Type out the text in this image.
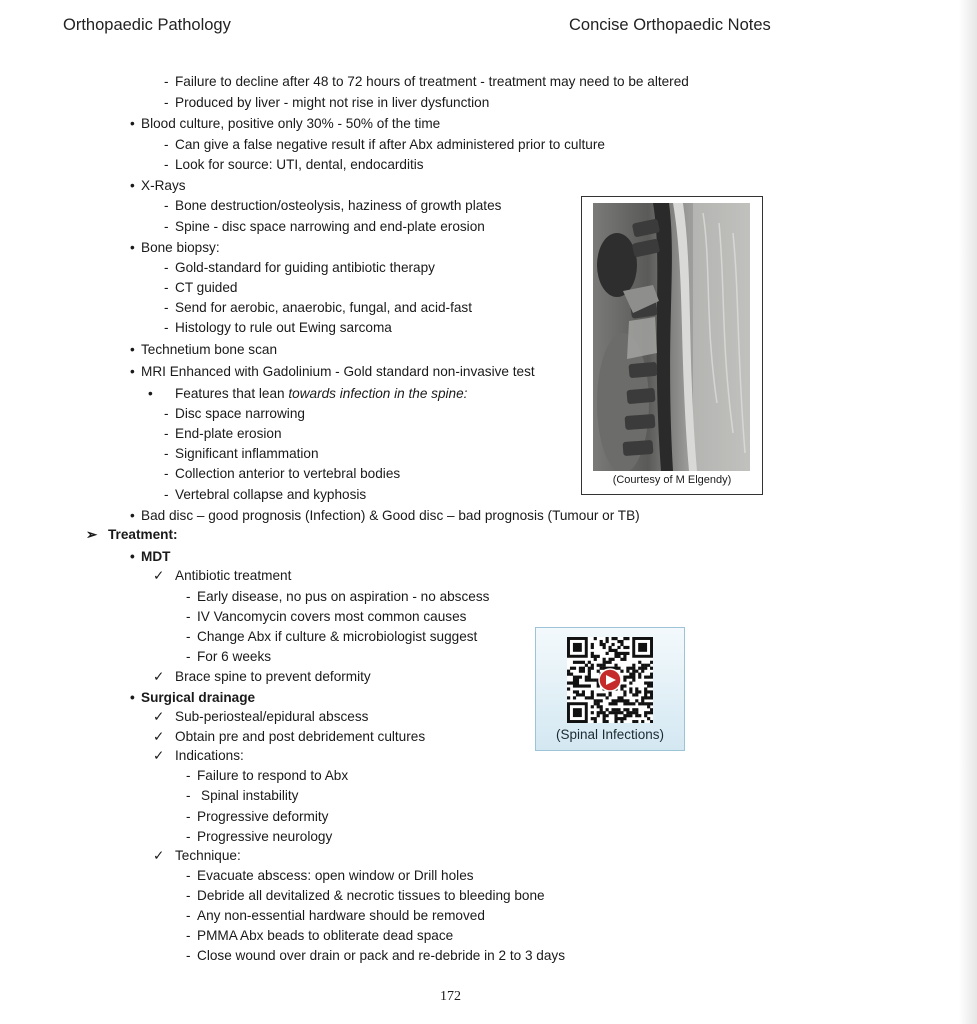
Orthopaedic Pathology	Concise Orthopaedic Notes
- Failure to decline after 48 to 72 hours of treatment - treatment may need to be altered
- Produced by liver - might not rise in liver dysfunction
• Blood culture, positive only 30% - 50% of the time
- Can give a false negative result if after Abx administered prior to culture
- Look for source: UTI, dental, endocarditis
• X-Rays
- Bone destruction/osteolysis, haziness of growth plates
- Spine - disc space narrowing and end-plate erosion
• Bone biopsy:
- Gold-standard for guiding antibiotic therapy
- CT guided
- Send for aerobic, anaerobic, fungal, and acid-fast
- Histology to rule out Ewing sarcoma
• Technetium bone scan
• MRI Enhanced with Gadolinium - Gold standard non-invasive test
• Features that lean towards infection in the spine:
- Disc space narrowing
- End-plate erosion
- Significant inflammation
- Collection anterior to vertebral bodies
- Vertebral collapse and kyphosis
• Bad disc – good prognosis (Infection) & Good disc – bad prognosis (Tumour or TB)
➢ Treatment:
• MDT
✓ Antibiotic treatment
- Early disease, no pus on aspiration - no abscess
- IV Vancomycin covers most common causes
- Change Abx if culture & microbiologist suggest
- For 6 weeks
✓ Brace spine to prevent deformity
• Surgical drainage
✓ Sub-periosteal/epidural abscess
✓ Obtain pre and post debridement cultures
✓ Indications:
- Failure to respond to Abx
- Spinal instability
- Progressive deformity
- Progressive neurology
✓ Technique:
- Evacuate abscess: open window or Drill holes
- Debride all devitalized & necrotic tissues to bleeding bone
- Any non-essential hardware should be removed
- PMMA Abx beads to obliterate dead space
- Close wound over drain or pack and re-debride in 2 to 3 days
(Courtesy of M Elgendy)
(Spinal Infections)
172
